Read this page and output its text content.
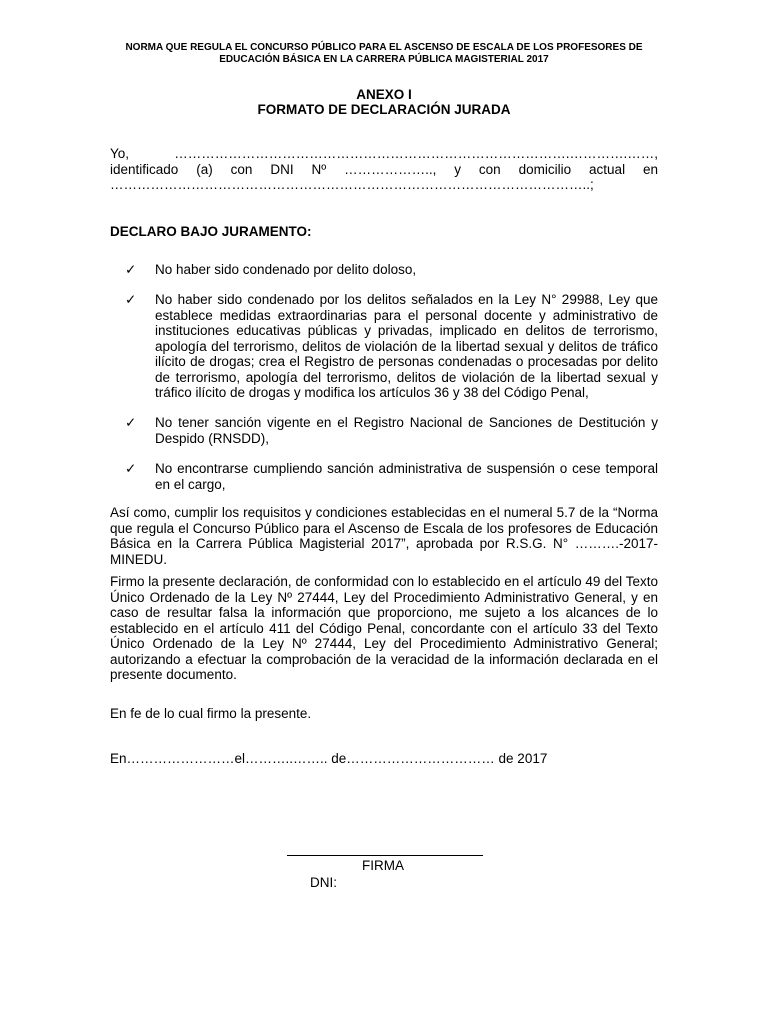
NORMA QUE REGULA EL CONCURSO PÚBLICO PARA EL ASCENSO DE ESCALA DE LOS PROFESORES DE
EDUCACIÓN BÁSICA EN LA CARRERA PÚBLICA MAGISTERIAL 2017
ANEXO I
FORMATO DE DECLARACIÓN JURADA
Yo,	…………………………………………………………………………….………….……,
identificado (a) con DNI Nº ……………….., y con domicilio actual en
……………………………………………………………………………………………..;
DECLARO BAJO JURAMENTO:
✓ No haber sido condenado por delito doloso,
✓ No haber sido condenado por los delitos señalados en la Ley N° 29988, Ley que establece medidas extraordinarias para el personal docente y administrativo de instituciones educativas públicas y privadas, implicado en delitos de terrorismo, apología del terrorismo, delitos de violación de la libertad sexual y delitos de tráfico ilícito de drogas; crea el Registro de personas condenadas o procesadas por delito de terrorismo, apología del terrorismo, delitos de violación de la libertad sexual y tráfico ilícito de drogas y modifica los artículos 36 y 38 del Código Penal,
✓ No tener sanción vigente en el Registro Nacional de Sanciones de Destitución y Despido (RNSDD),
✓ No encontrarse cumpliendo sanción administrativa de suspensión o cese temporal en el cargo,
Así como, cumplir los requisitos y condiciones establecidas en el numeral 5.7 de la “Norma que regula el Concurso Público para el Ascenso de Escala de los profesores de Educación Básica en la Carrera Pública Magisterial 2017”, aprobada por R.S.G. N° ……….-2017-MINEDU.
Firmo la presente declaración, de conformidad con lo establecido en el artículo 49 del Texto Único Ordenado de la Ley Nº 27444, Ley del Procedimiento Administrativo General, y en caso de resultar falsa la información que proporciono, me sujeto a los alcances de lo establecido en el artículo 411 del Código Penal, concordante con el artículo 33 del Texto Único Ordenado de la Ley Nº 27444, Ley del Procedimiento Administrativo General; autorizando a efectuar la comprobación de la veracidad de la información declarada en el presente documento.
En fe de lo cual firmo la presente.
En……………………el………..…….. de…………………………… de 2017
FIRMA
DNI:
